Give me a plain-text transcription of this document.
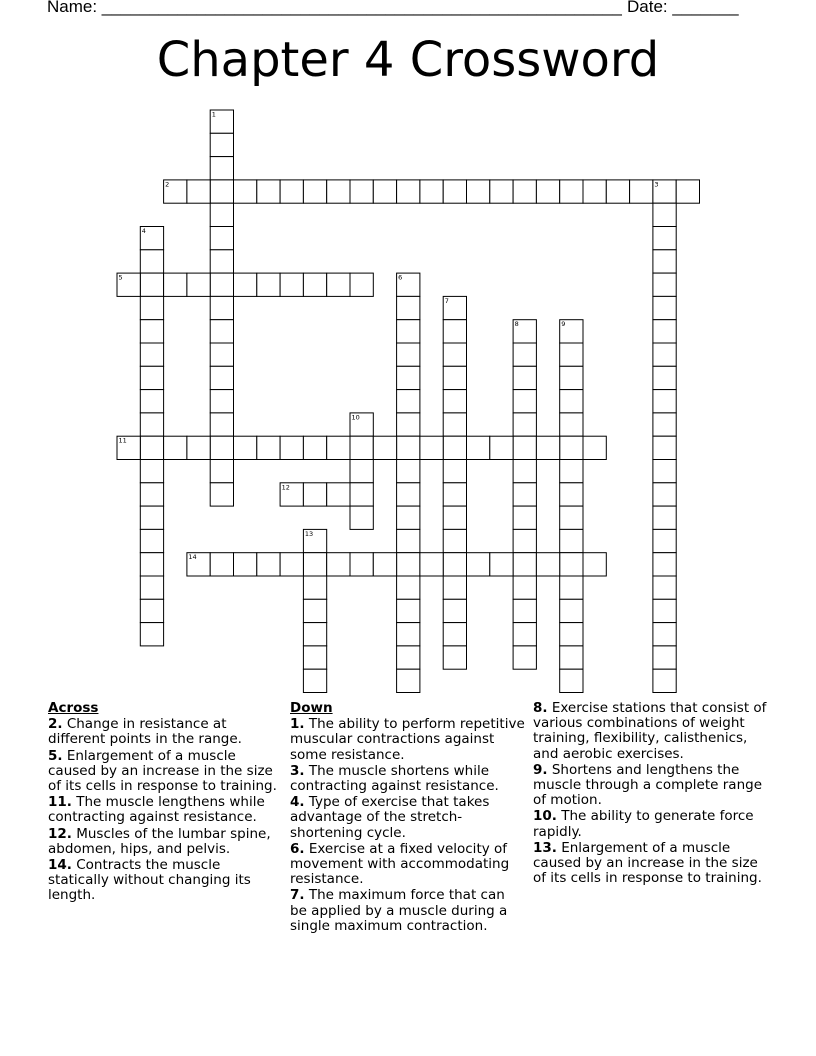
Name: _______________________________________________________ Date: _______
Chapter 4 Crossword
1
2	3
4
5	6
7
8	9
10
11
12
13
14
Across
2. Change in resistance at different points in the range.
5. Enlargement of a muscle caused by an increase in the size of its cells in response to training.
11. The muscle lengthens while contracting against resistance.
12. Muscles of the lumbar spine, abdomen, hips, and pelvis.
14. Contracts the muscle statically without changing its length.
Down
1. The ability to perform repetitive muscular contractions against some resistance.
3. The muscle shortens while contracting against resistance.
4. Type of exercise that takes advantage of the stretch-shortening cycle.
6. Exercise at a fixed velocity of movement with accommodating resistance.
7. The maximum force that can be applied by a muscle during a single maximum contraction.
8. Exercise stations that consist of various combinations of weight training, flexibility, calisthenics, and aerobic exercises.
9. Shortens and lengthens the muscle through a complete range of motion.
10. The ability to generate force rapidly.
13. Enlargement of a muscle caused by an increase in the size of its cells in response to training.
